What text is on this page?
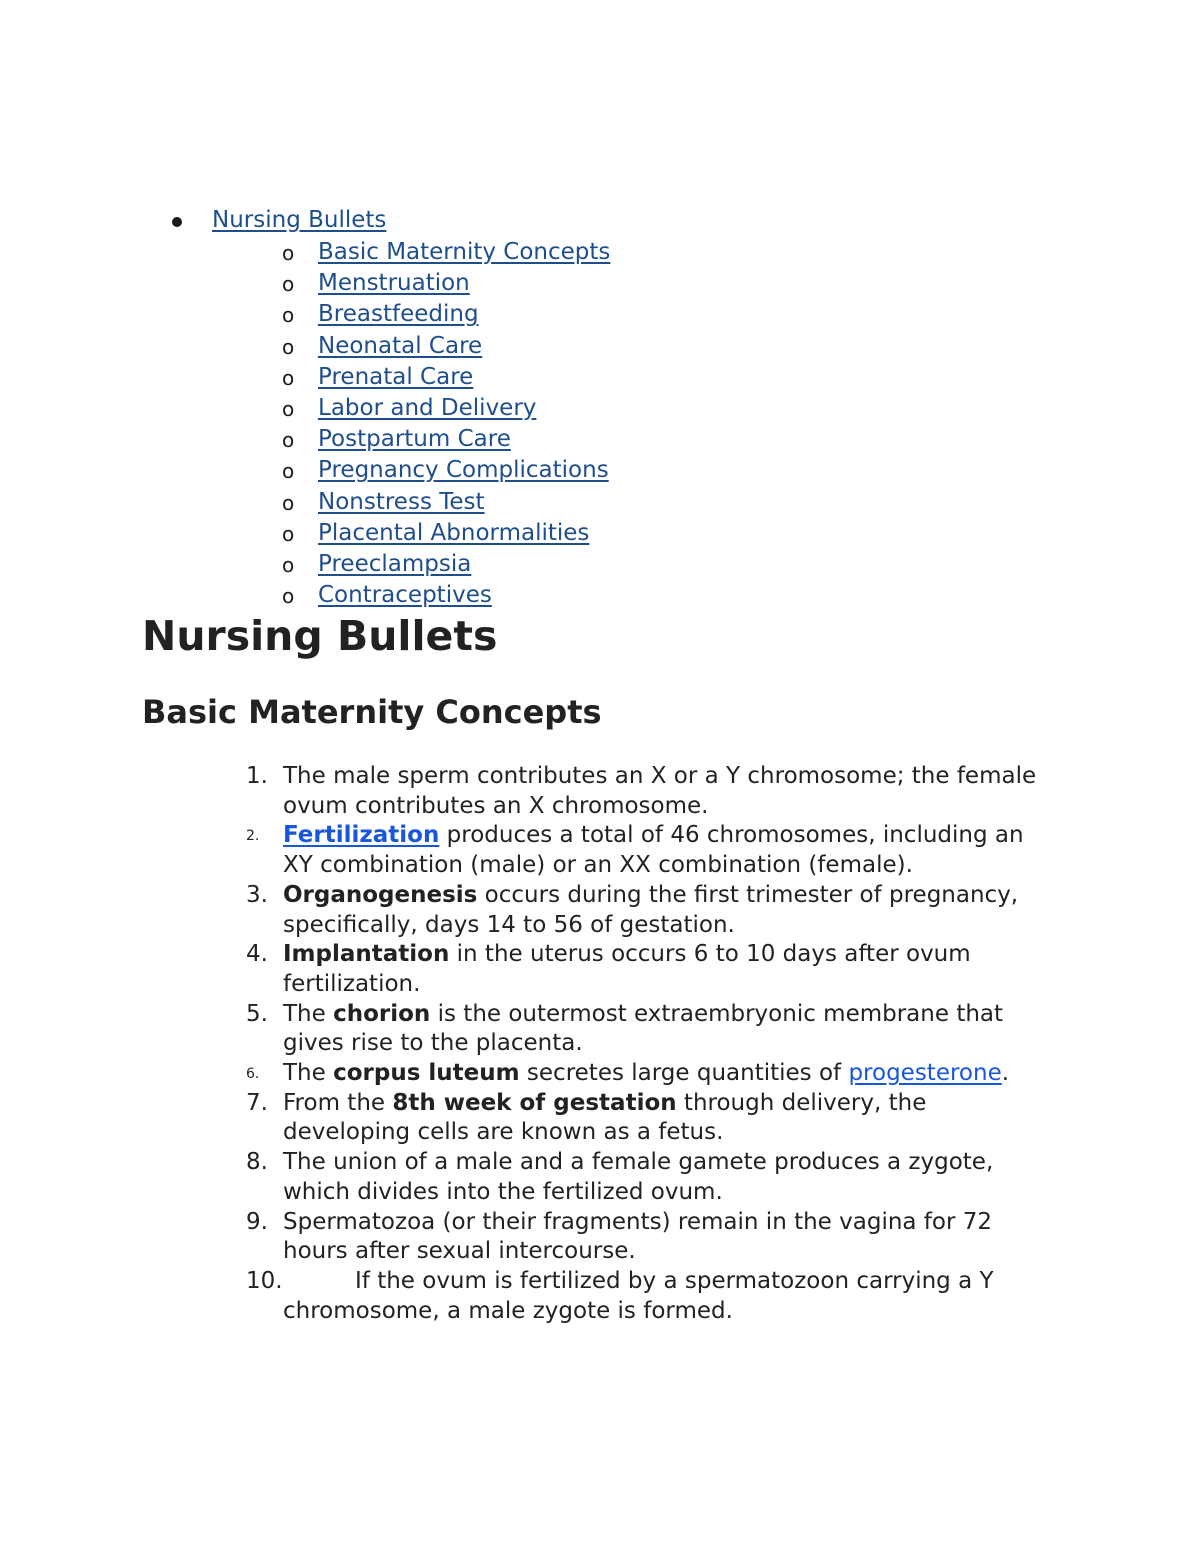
Nursing Bullets
o Basic Maternity Concepts
o Menstruation
o Breastfeeding
o Neonatal Care
o Prenatal Care
o Labor and Delivery
o Postpartum Care
o Pregnancy Complications
o Nonstress Test
o Placental Abnormalities
o Preeclampsia
o Contraceptives
Nursing Bullets
Basic Maternity Concepts
1. The male sperm contributes an X or a Y chromosome; the female ovum contributes an X chromosome.
2. Fertilization produces a total of 46 chromosomes, including an XY combination (male) or an XX combination (female).
3. Organogenesis occurs during the first trimester of pregnancy, specifically, days 14 to 56 of gestation.
4. Implantation in the uterus occurs 6 to 10 days after ovum fertilization.
5. The chorion is the outermost extraembryonic membrane that gives rise to the placenta.
6. The corpus luteum secretes large quantities of progesterone.
7. From the 8th week of gestation through delivery, the developing cells are known as a fetus.
8. The union of a male and a female gamete produces a zygote, which divides into the fertilized ovum.
9. Spermatozoa (or their fragments) remain in the vagina for 72 hours after sexual intercourse.
10.	If the ovum is fertilized by a spermatozoon carrying a Y chromosome, a male zygote is formed.
